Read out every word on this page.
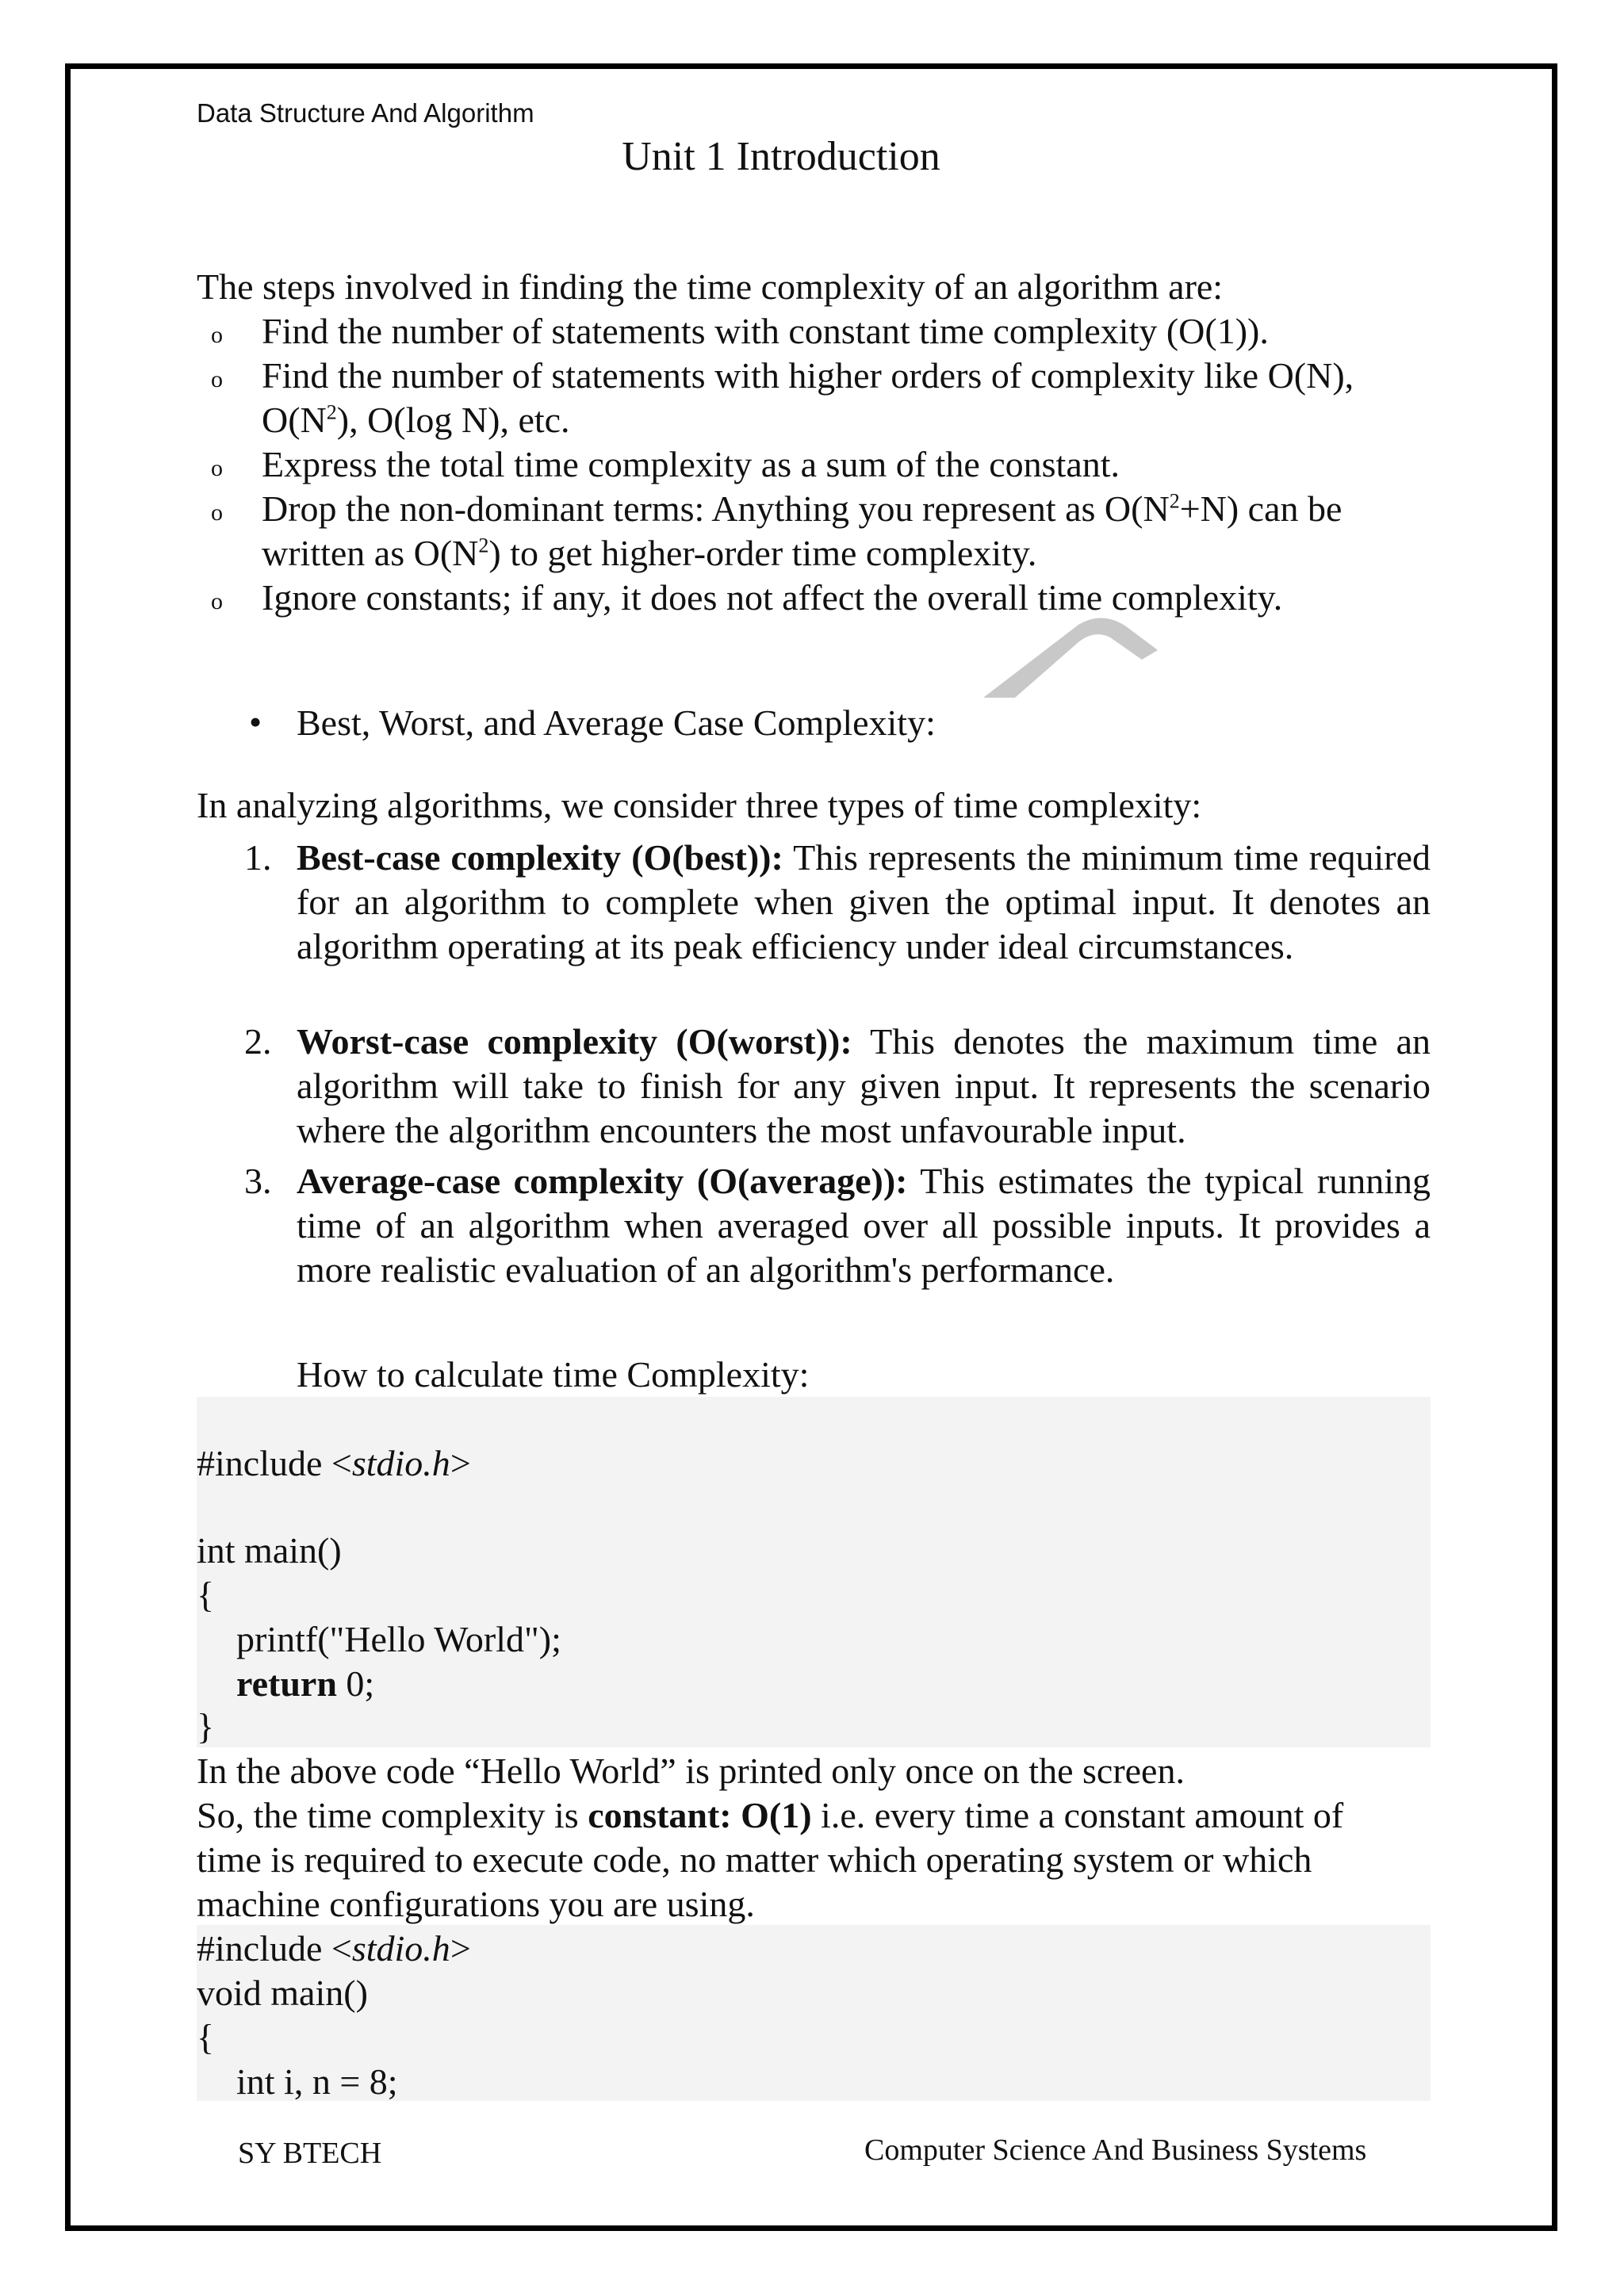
Data Structure And Algorithm
Unit 1 Introduction
The steps involved in finding the time complexity of an algorithm are:
o Find the number of statements with constant time complexity (O(1)).
o Find the number of statements with higher orders of complexity like O(N),
$O(N^2)$, O(log N), etc.
o Express the total time complexity as a sum of the constant.
o Drop the non-dominant terms: Anything you represent as $O(N^2+N)$ can be
written as $O(N^2)$ to get higher-order time complexity.
o Ignore constants; if any, it does not affect the overall time complexity.
• Best, Worst, and Average Case Complexity:
In analyzing algorithms, we consider three types of time complexity:
1. Best-case complexity (O(best)): This represents the minimum time required for an algorithm to complete when given the optimal input. It denotes an algorithm operating at its peak efficiency under ideal circumstances.
2. Worst-case complexity (O(worst)): This denotes the maximum time an algorithm will take to finish for any given input. It represents the scenario where the algorithm encounters the most unfavourable input.
3. Average-case complexity (O(average)): This estimates the typical running time of an algorithm when averaged over all possible inputs. It provides a more realistic evaluation of an algorithm's performance.
How to calculate time Complexity:
#include <stdio.h>
int main()
{
printf("Hello World");
return 0;
}
In the above code “Hello World” is printed only once on the screen.
So, the time complexity is constant: O(1) i.e. every time a constant amount of
time is required to execute code, no matter which operating system or which
machine configurations you are using.
#include <stdio.h>
void main()
{
int i, n = 8;
SY BTECH	Computer Science And Business Systems
